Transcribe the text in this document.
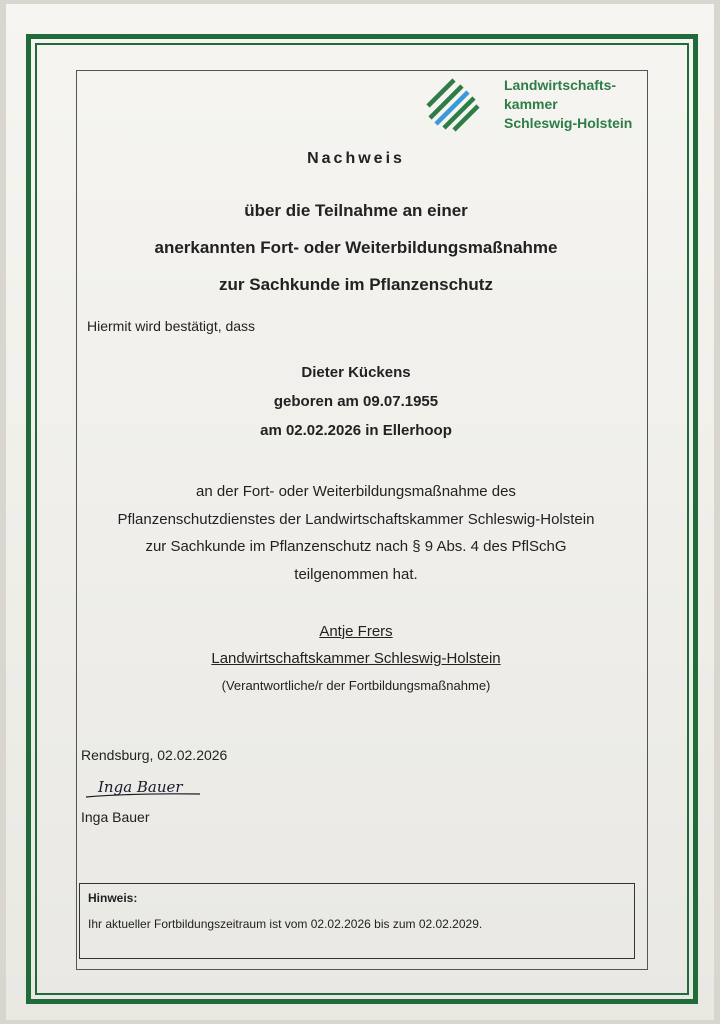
Landwirtschafts-
kammer
Schleswig-Holstein
Nachweis
über die Teilnahme an einer
anerkannten Fort- oder Weiterbildungsmaßnahme
zur Sachkunde im Pflanzenschutz
Hiermit wird bestätigt, dass
Dieter Kückens
geboren am 09.07.1955
am 02.02.2026 in Ellerhoop
an der Fort- oder Weiterbildungsmaßnahme des
Pflanzenschutzdienstes der Landwirtschaftskammer Schleswig-Holstein
zur Sachkunde im Pflanzenschutz nach § 9 Abs. 4 des PflSchG
teilgenommen hat.
Antje Frers
Landwirtschaftskammer Schleswig-Holstein
(Verantwortliche/r der Fortbildungsmaßnahme)
Rendsburg, 02.02.2026
Inga Bauer
Inga Bauer
Hinweis:
Ihr aktueller Fortbildungszeitraum ist vom 02.02.2026 bis zum 02.02.2029.
